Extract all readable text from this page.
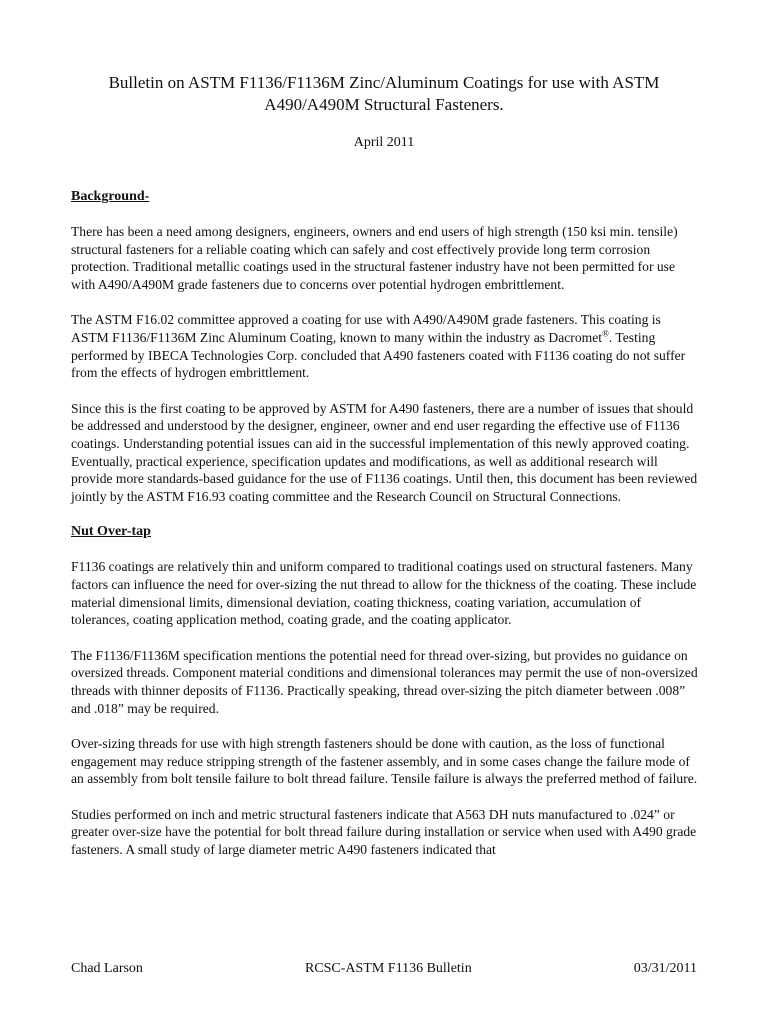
Bulletin on ASTM F1136/F1136M Zinc/Aluminum Coatings for use with ASTM A490/A490M Structural Fasteners.

April 2011

Background-

There has been a need among designers, engineers, owners and end users of high strength (150 ksi min. tensile) structural fasteners for a reliable coating which can safely and cost effectively provide long term corrosion protection. Traditional metallic coatings used in the structural fastener industry have not been permitted for use with A490/A490M grade fasteners due to concerns over potential hydrogen embrittlement.

The ASTM F16.02 committee approved a coating for use with A490/A490M grade fasteners. This coating is ASTM F1136/F1136M Zinc Aluminum Coating, known to many within the industry as Dacromet®. Testing performed by IBECA Technologies Corp. concluded that A490 fasteners coated with F1136 coating do not suffer from the effects of hydrogen embrittlement.

Since this is the first coating to be approved by ASTM for A490 fasteners, there are a number of issues that should be addressed and understood by the designer, engineer, owner and end user regarding the effective use of F1136 coatings. Understanding potential issues can aid in the successful implementation of this newly approved coating. Eventually, practical experience, specification updates and modifications, as well as additional research will provide more standards-based guidance for the use of F1136 coatings. Until then, this document has been reviewed jointly by the ASTM F16.93 coating committee and the Research Council on Structural Connections.

Nut Over-tap

F1136 coatings are relatively thin and uniform compared to traditional coatings used on structural fasteners. Many factors can influence the need for over-sizing the nut thread to allow for the thickness of the coating. These include material dimensional limits, dimensional deviation, coating thickness, coating variation, accumulation of tolerances, coating application method, coating grade, and the coating applicator.

The F1136/F1136M specification mentions the potential need for thread over-sizing, but provides no guidance on oversized threads. Component material conditions and dimensional tolerances may permit the use of non-oversized threads with thinner deposits of F1136. Practically speaking, thread over-sizing the pitch diameter between .008” and .018” may be required.

Over-sizing threads for use with high strength fasteners should be done with caution, as the loss of functional engagement may reduce stripping strength of the fastener assembly, and in some cases change the failure mode of an assembly from bolt tensile failure to bolt thread failure. Tensile failure is always the preferred method of failure.

Studies performed on inch and metric structural fasteners indicate that A563 DH nuts manufactured to .024” or greater over-size have the potential for bolt thread failure during installation or service when used with A490 grade fasteners. A small study of large diameter metric A490 fasteners indicated that

Chad Larson	RCSC-ASTM F1136 Bulletin	03/31/2011
